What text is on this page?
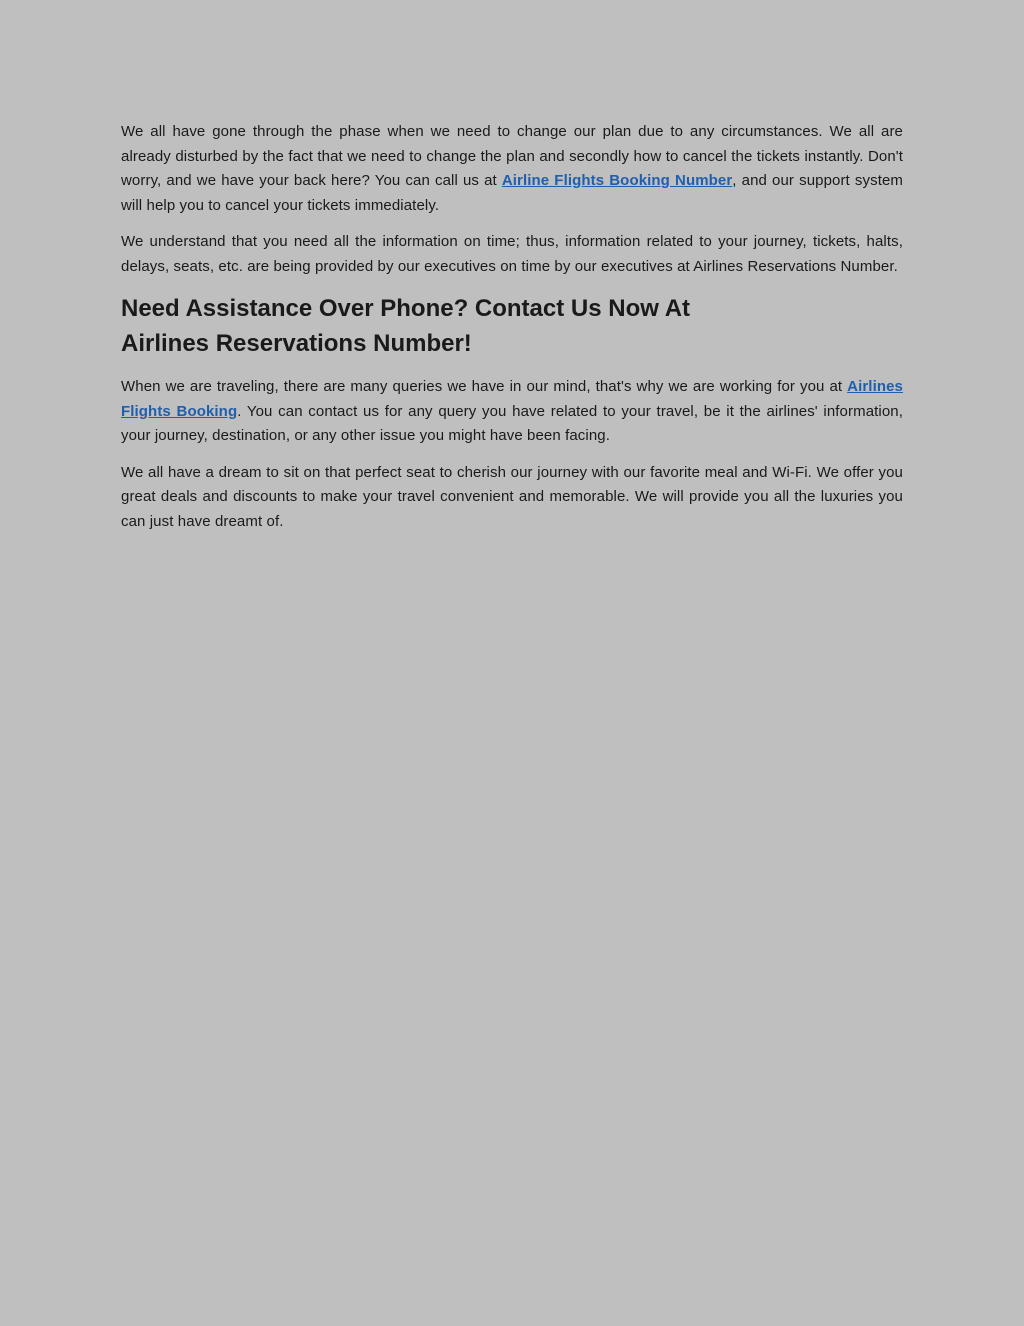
We all have gone through the phase when we need to change our plan due to any circumstances. We all are already disturbed by the fact that we need to change the plan and secondly how to cancel the tickets instantly. Don't worry, and we have your back here? You can call us at Airline Flights Booking Number, and our support system will help you to cancel your tickets immediately.

We understand that you need all the information on time; thus, information related to your journey, tickets, halts, delays, seats, etc. are being provided by our executives on time by our executives at Airlines Reservations Number.

Need Assistance Over Phone? Contact Us Now At Airlines Reservations Number!

When we are traveling, there are many queries we have in our mind, that's why we are working for you at Airlines Flights Booking. You can contact us for any query you have related to your travel, be it the airlines' information, your journey, destination, or any other issue you might have been facing.

We all have a dream to sit on that perfect seat to cherish our journey with our favorite meal and Wi-Fi. We offer you great deals and discounts to make your travel convenient and memorable. We will provide you all the luxuries you can just have dreamt of.
